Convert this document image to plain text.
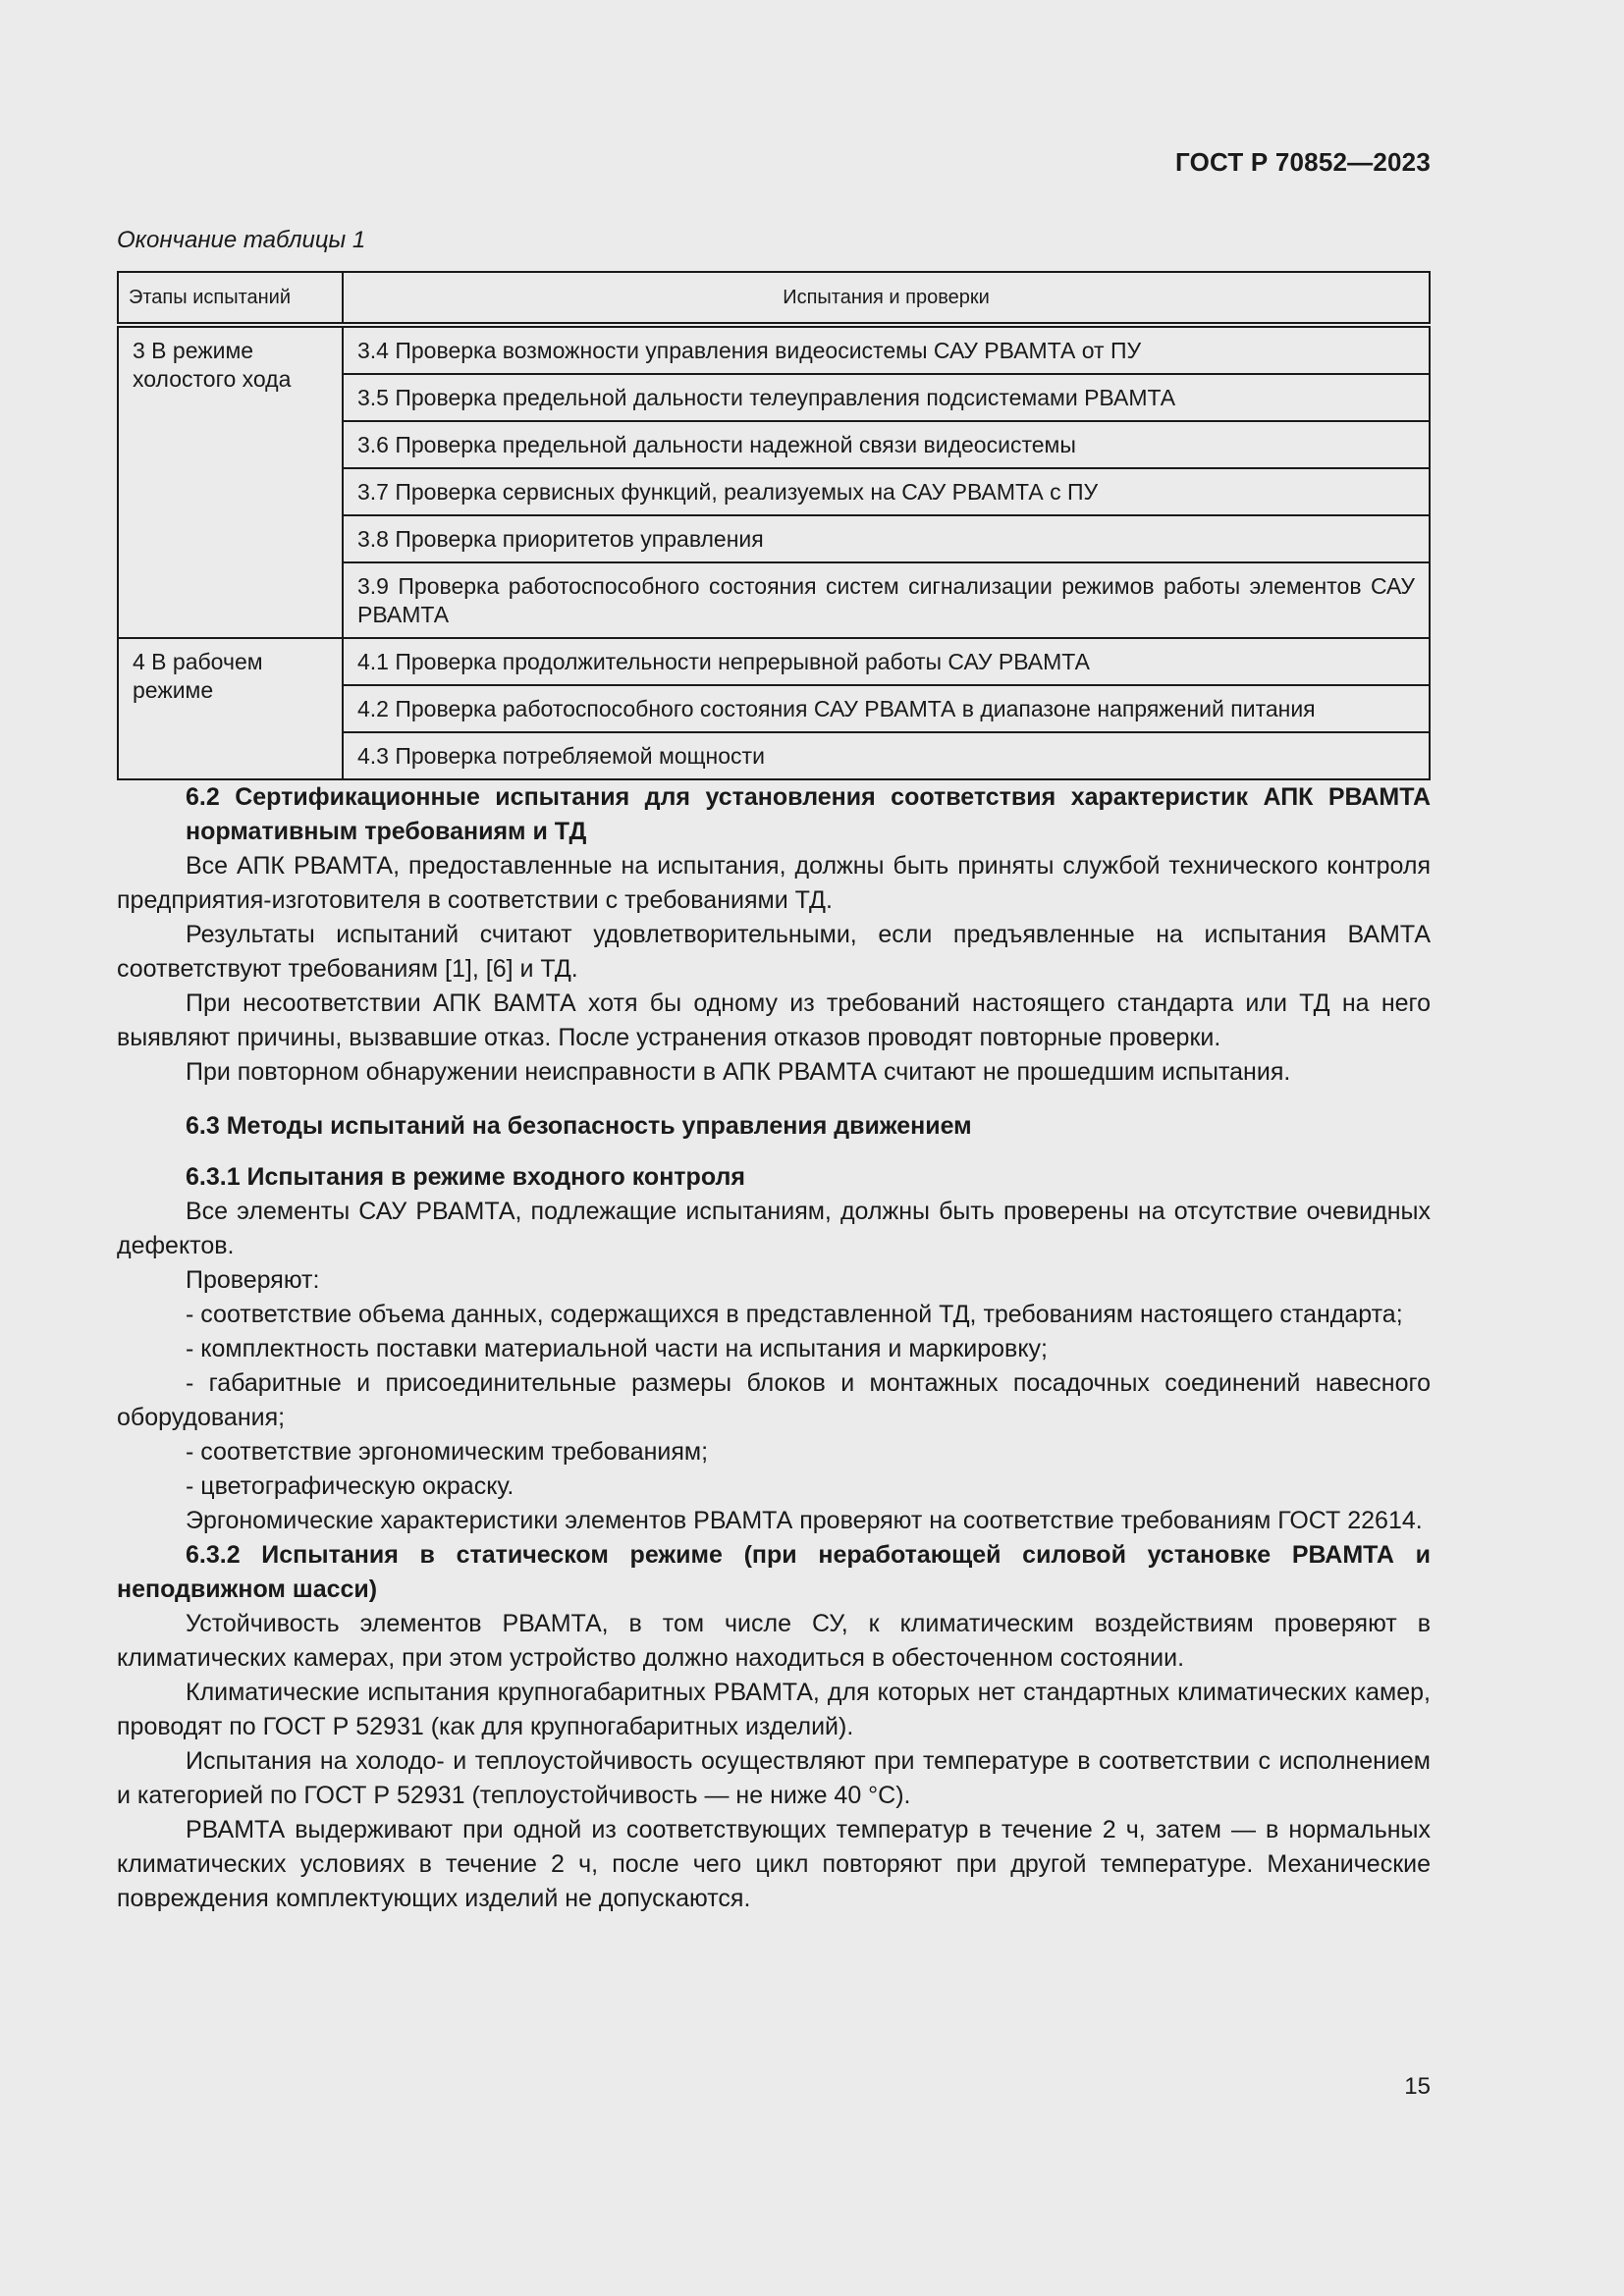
ГОСТ Р 70852—2023

Окончание таблицы 1

Этапы испытаний	Испытания и проверки
3 В режиме холостого хода	3.4 Проверка возможности управления видеосистемы САУ РВАМТА от ПУ
	3.5 Проверка предельной дальности телеуправления подсистемами РВАМТА
	3.6 Проверка предельной дальности надежной связи видеосистемы
	3.7 Проверка сервисных функций, реализуемых на САУ РВАМТА с ПУ
	3.8 Проверка приоритетов управления
	3.9 Проверка работоспособного состояния систем сигнализации режимов работы элементов САУ РВАМТА
4 В рабочем режиме	4.1 Проверка продолжительности непрерывной работы САУ РВАМТА
	4.2 Проверка работоспособного состояния САУ РВАМТА в диапазоне напряжений питания
	4.3 Проверка потребляемой мощности

6.2 Сертификационные испытания для установления соответствия характеристик АПК РВАМТА нормативным требованиям и ТД

Все АПК РВАМТА, предоставленные на испытания, должны быть приняты службой технического контроля предприятия-изготовителя в соответствии с требованиями ТД.

Результаты испытаний считают удовлетворительными, если предъявленные на испытания ВАМТА соответствуют требованиям [1], [6] и ТД.

При несоответствии АПК ВАМТА хотя бы одному из требований настоящего стандарта или ТД на него выявляют причины, вызвавшие отказ. После устранения отказов проводят повторные проверки.

При повторном обнаружении неисправности в АПК РВАМТА считают не прошедшим испытания.

6.3 Методы испытаний на безопасность управления движением

6.3.1 Испытания в режиме входного контроля

Все элементы САУ РВАМТА, подлежащие испытаниям, должны быть проверены на отсутствие очевидных дефектов.

Проверяют:

- соответствие объема данных, содержащихся в представленной ТД, требованиям настоящего стандарта;

- комплектность поставки материальной части на испытания и маркировку;

- габаритные и присоединительные размеры блоков и монтажных посадочных соединений навесного оборудования;

- соответствие эргономическим требованиям;

- цветографическую окраску.

Эргономические характеристики элементов РВАМТА проверяют на соответствие требованиям ГОСТ 22614.

6.3.2 Испытания в статическом режиме (при неработающей силовой установке РВАМТА и неподвижном шасси)

Устойчивость элементов РВАМТА, в том числе СУ, к климатическим воздействиям проверяют в климатических камерах, при этом устройство должно находиться в обесточенном состоянии.

Климатические испытания крупногабаритных РВАМТА, для которых нет стандартных климатических камер, проводят по ГОСТ Р 52931 (как для крупногабаритных изделий).

Испытания на холодо- и теплоустойчивость осуществляют при температуре в соответствии с исполнением и категорией по ГОСТ Р 52931 (теплоустойчивость — не ниже 40 °С).

РВАМТА выдерживают при одной из соответствующих температур в течение 2 ч, затем — в нормальных климатических условиях в течение 2 ч, после чего цикл повторяют при другой температуре. Механические повреждения комплектующих изделий не допускаются.

15
